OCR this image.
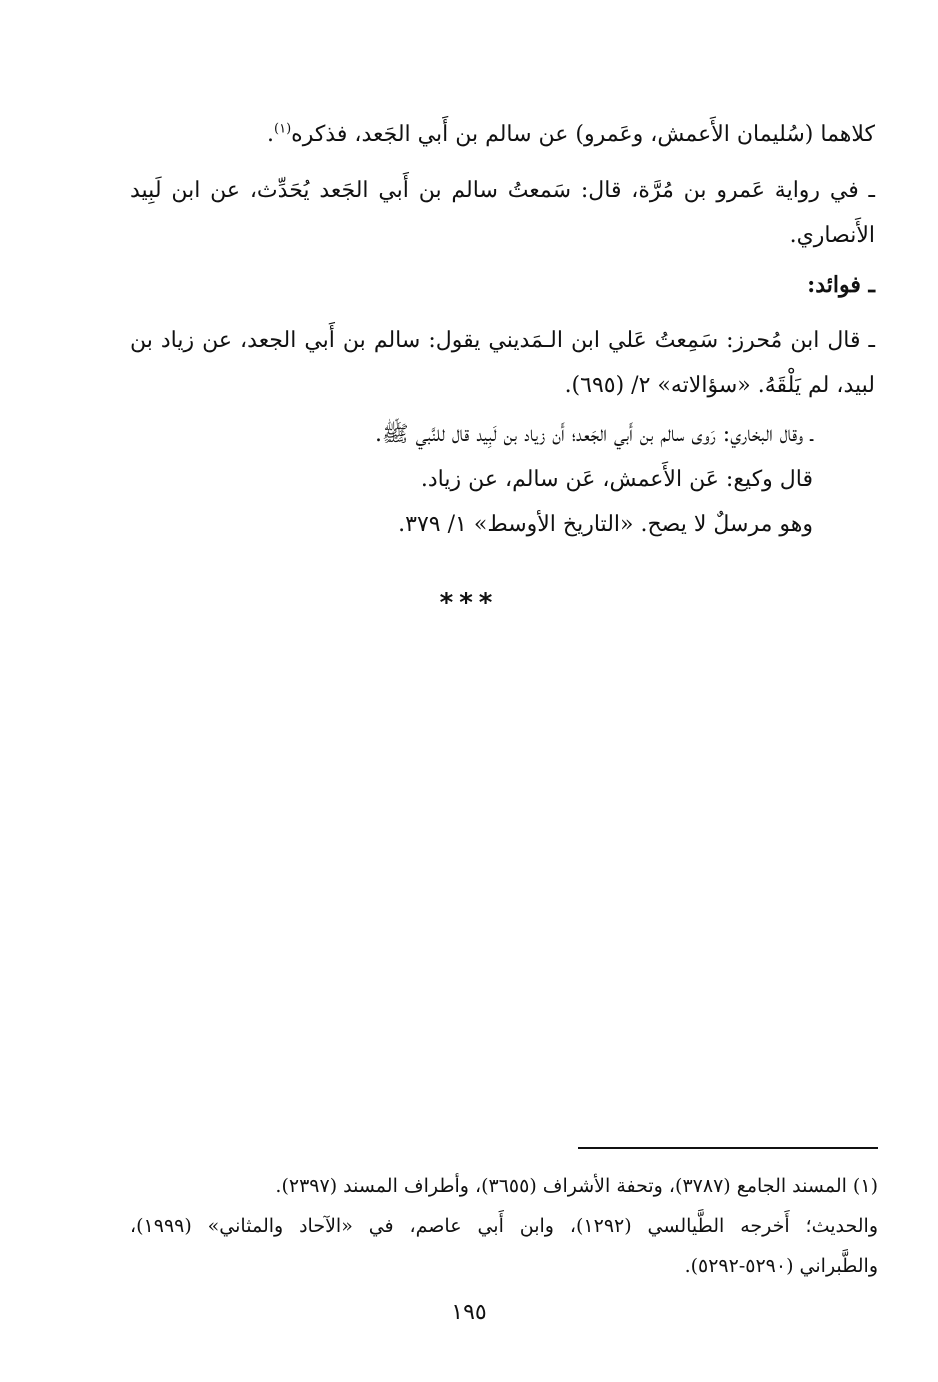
كلاهما (سُليمان الأَعمش، وعَمرو) عن سالم بن أَبي الجَعد، فذكره$^{(١)}$.
ـ في رواية عَمرو بن مُرَّة، قال: سَمعتُ سالم بن أَبي الجَعد يُحَدِّث، عن ابن لَبِيد
الأَنصاري.
ـ فوائد:
ـ قال ابن مُحرز: سَمِعتُ عَلي ابن الـمَديني يقول: سالم بن أَبي الجعد، عن زياد بن
لبيد، لم يَلْقَهُ. «سؤالاته» ٢/ (٦٩٥).
ـ وقال البخاري: رَوى سالم بن أَبي الجَعد؛ أَن زياد بن لَبِيد قال للنَّبي ﷺ.
قال وكيع: عَن الأَعمش، عَن سالم، عن زياد.
وهو مرسلٌ لا يصح. «التاريخ الأوسط» ١/ ٣٧٩.
***
(١) المسند الجامع (٣٧٨٧)، وتحفة الأشراف (٣٦٥٥)، وأطراف المسند (٢٣٩٧).
والحديث؛ أَخرجه الطَّيالسي (١٢٩٢)، وابن أَبي عاصم، في «الآحاد والمثاني» (١٩٩٩)،
والطَّبراني (٥٢٩٠-٥٢٩٢).
١٩٥
